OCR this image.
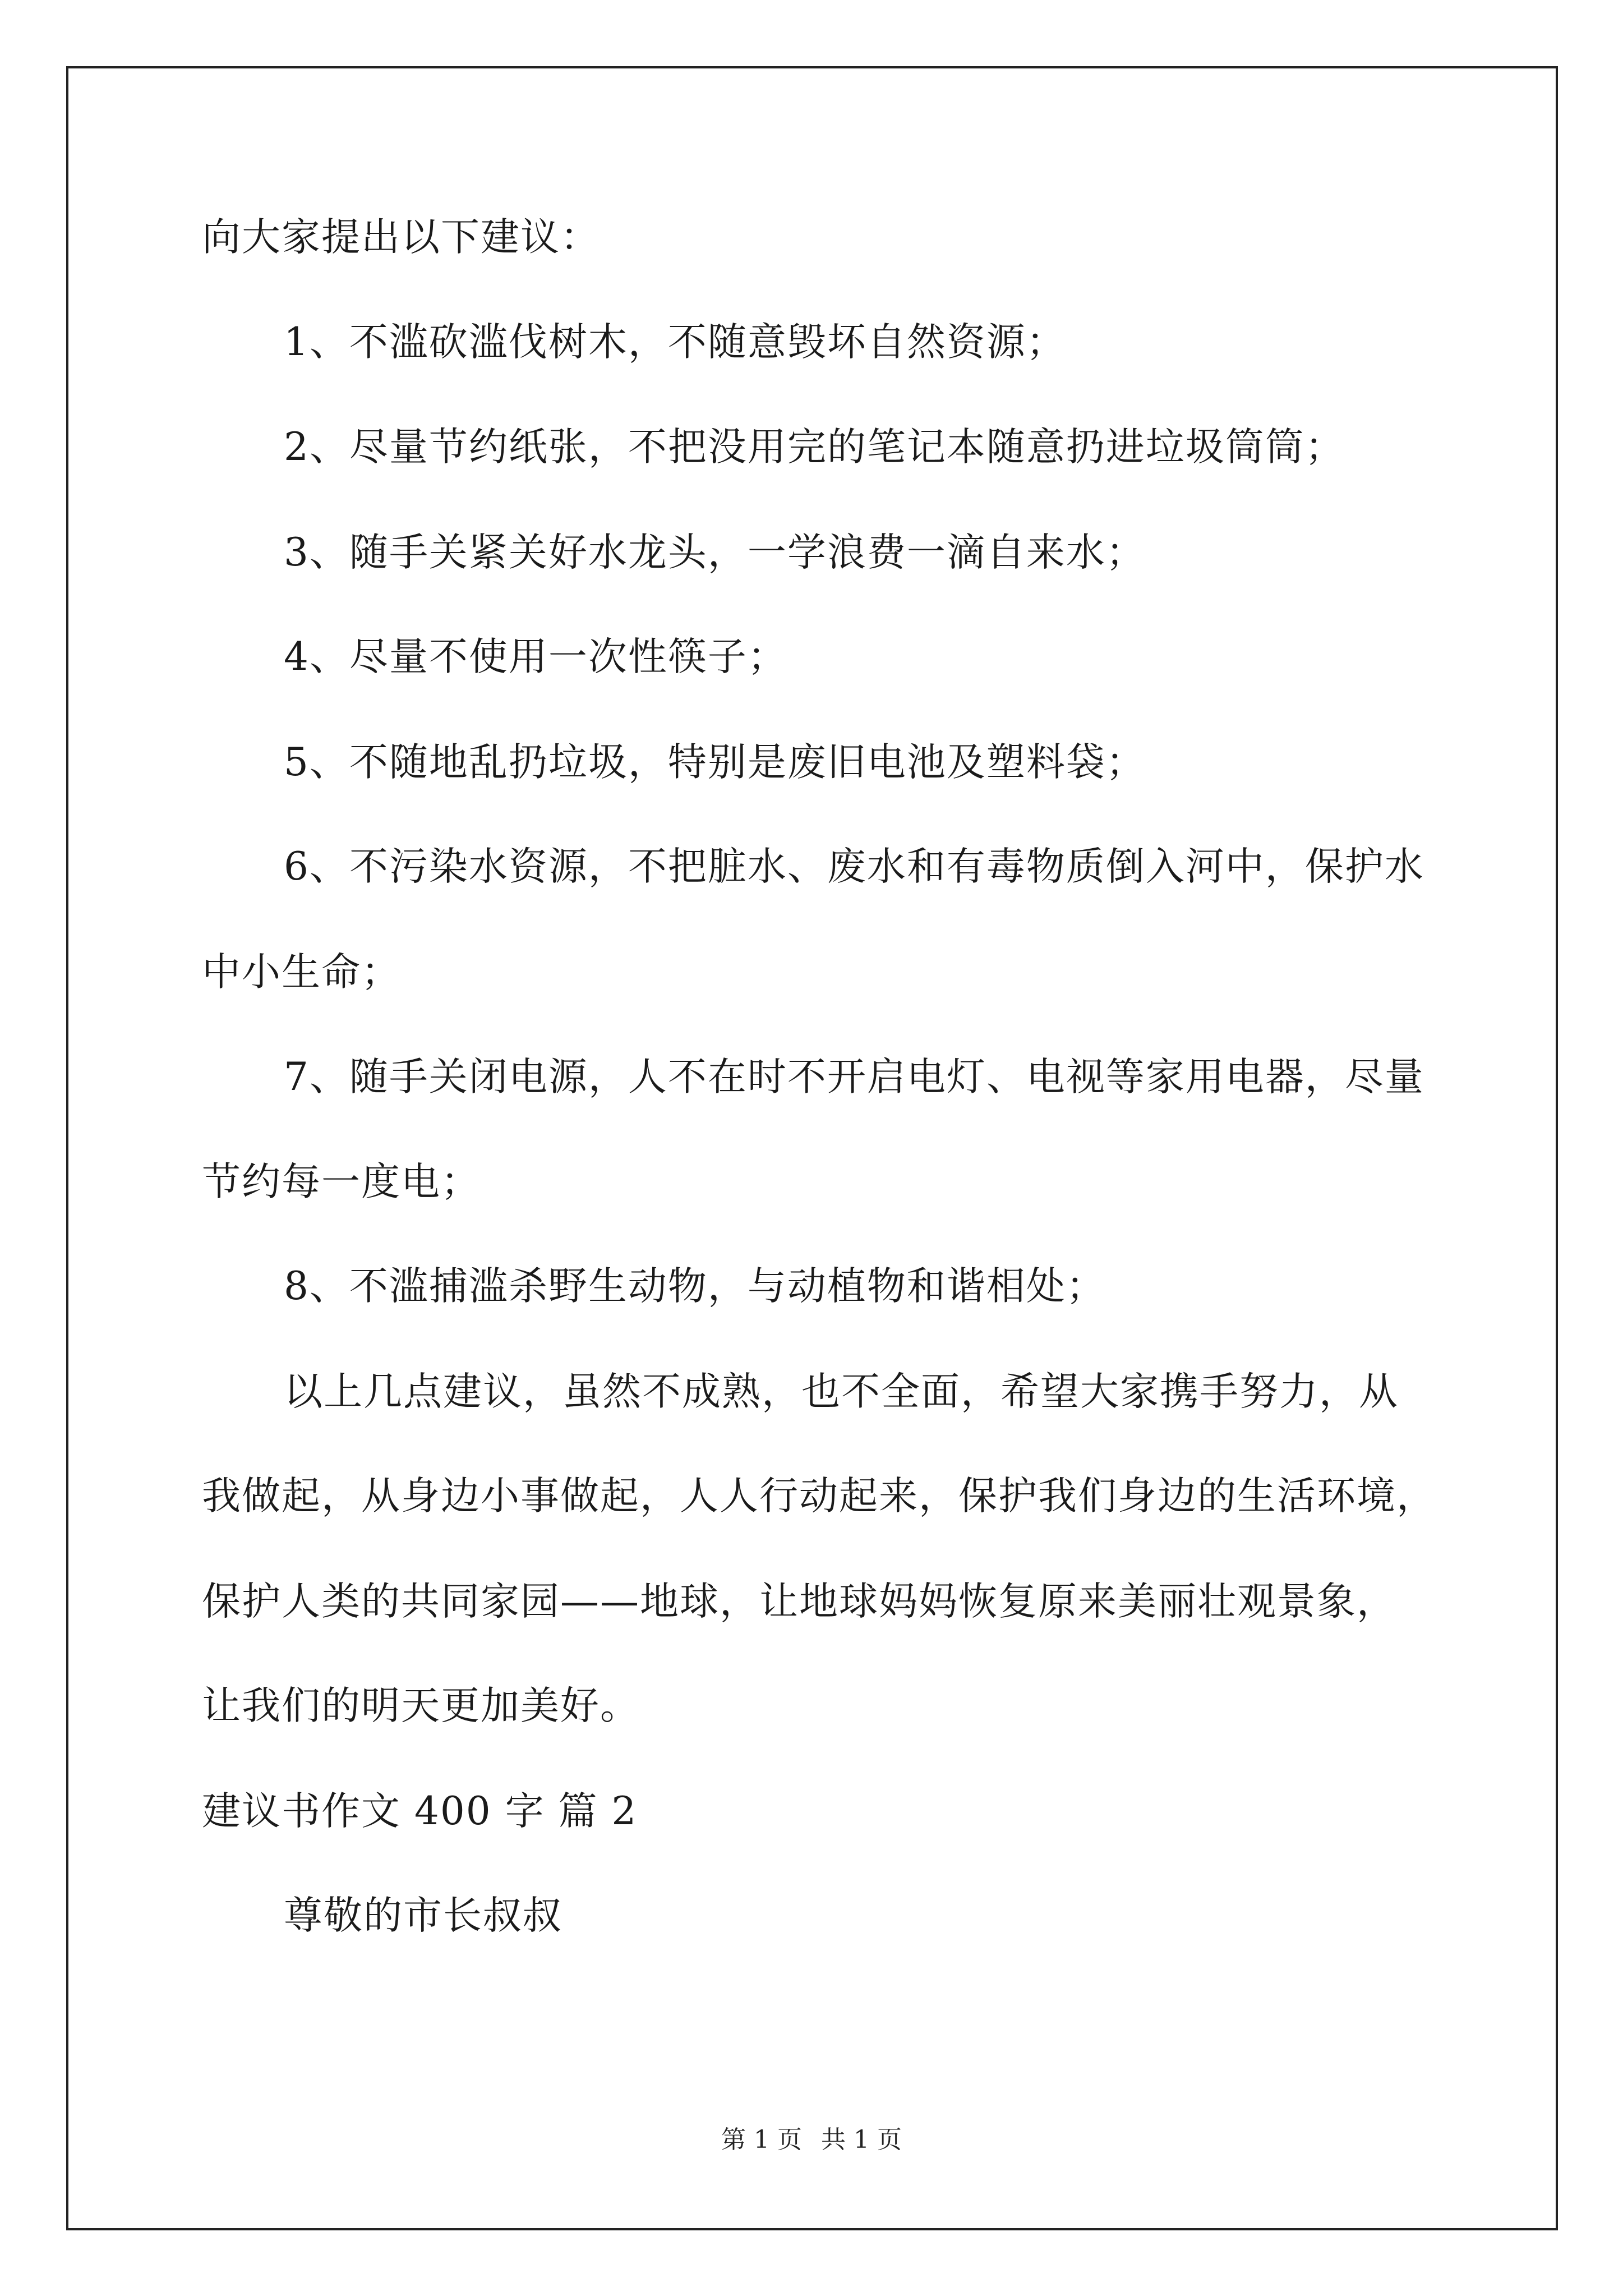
向大家提出以下建议：
1、不滥砍滥伐树木，不随意毁坏自然资源；
2、尽量节约纸张，不把没用完的笔记本随意扔进垃圾筒筒；
3、随手关紧关好水龙头，一学浪费一滴自来水；
4、尽量不使用一次性筷子；
5、不随地乱扔垃圾，特别是废旧电池及塑料袋；
6、不污染水资源，不把脏水、废水和有毒物质倒入河中，保护水
中小生命；
7、随手关闭电源，人不在时不开启电灯、电视等家用电器，尽量
节约每一度电；
8、不滥捕滥杀野生动物，与动植物和谐相处；
以上几点建议，虽然不成熟，也不全面，希望大家携手努力，从
我做起，从身边小事做起，人人行动起来，保护我们身边的生活环境，
保护人类的共同家园——地球，让地球妈妈恢复原来美丽壮观景象，
让我们的明天更加美好。
建议书作文 400 字 篇 2
尊敬的市长叔叔
第 1 页 共 1 页
